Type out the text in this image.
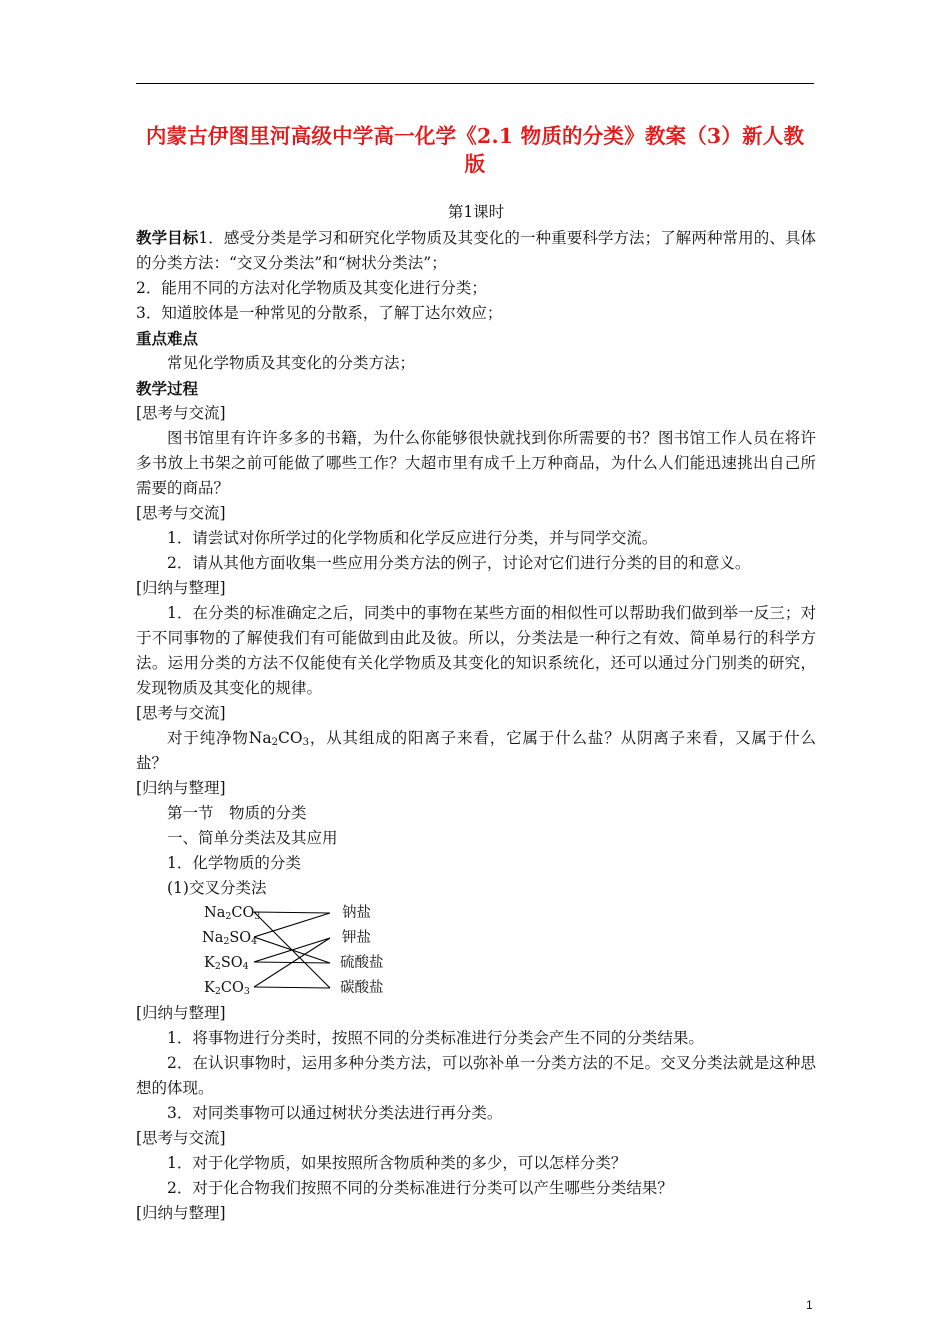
内蒙古伊图里河高级中学高一化学《2.1 物质的分类》教案（3）新人教版

第1课时

教学目标1．感受分类是学习和研究化学物质及其变化的一种重要科学方法；了解两种常用的、具体的分类方法：“交叉分类法”和“树状分类法”；

2．能用不同的方法对化学物质及其变化进行分类；

3．知道胶体是一种常见的分散系，了解丁达尔效应；

重点难点

常见化学物质及其变化的分类方法；

教学过程

[思考与交流]

图书馆里有许许多多的书籍，为什么你能够很快就找到你所需要的书？图书馆工作人员在将许多书放上书架之前可能做了哪些工作？大超市里有成千上万种商品，为什么人们能迅速挑出自己所需要的商品？

[思考与交流]

1．请尝试对你所学过的化学物质和化学反应进行分类，并与同学交流。

2．请从其他方面收集一些应用分类方法的例子，讨论对它们进行分类的目的和意义。

[归纳与整理]

1．在分类的标准确定之后，同类中的事物在某些方面的相似性可以帮助我们做到举一反三；对于不同事物的了解使我们有可能做到由此及彼。所以，分类法是一种行之有效、简单易行的科学方法。运用分类的方法不仅能使有关化学物质及其变化的知识系统化，还可以通过分门别类的研究，发现物质及其变化的规律。

[思考与交流]

对于纯净物$Na_2CO_3$，从其组成的阳离子来看，它属于什么盐？从阴离子来看，又属于什么盐？

[归纳与整理]

第一节　物质的分类

一、简单分类法及其应用

1．化学物质的分类

(1)交叉分类法

$Na_2CO_3$
$Na_2SO_4$
$K_2SO_4$
$K_2CO_3$
钠盐
钾盐
硫酸盐
碳酸盐

[归纳与整理]

1．将事物进行分类时，按照不同的分类标准进行分类会产生不同的分类结果。

2．在认识事物时，运用多种分类方法，可以弥补单一分类方法的不足。交叉分类法就是这种思想的体现。

3．对同类事物可以通过树状分类法进行再分类。

[思考与交流]

1．对于化学物质，如果按照所含物质种类的多少，可以怎样分类？

2．对于化合物我们按照不同的分类标准进行分类可以产生哪些分类结果？

[归纳与整理]

1
